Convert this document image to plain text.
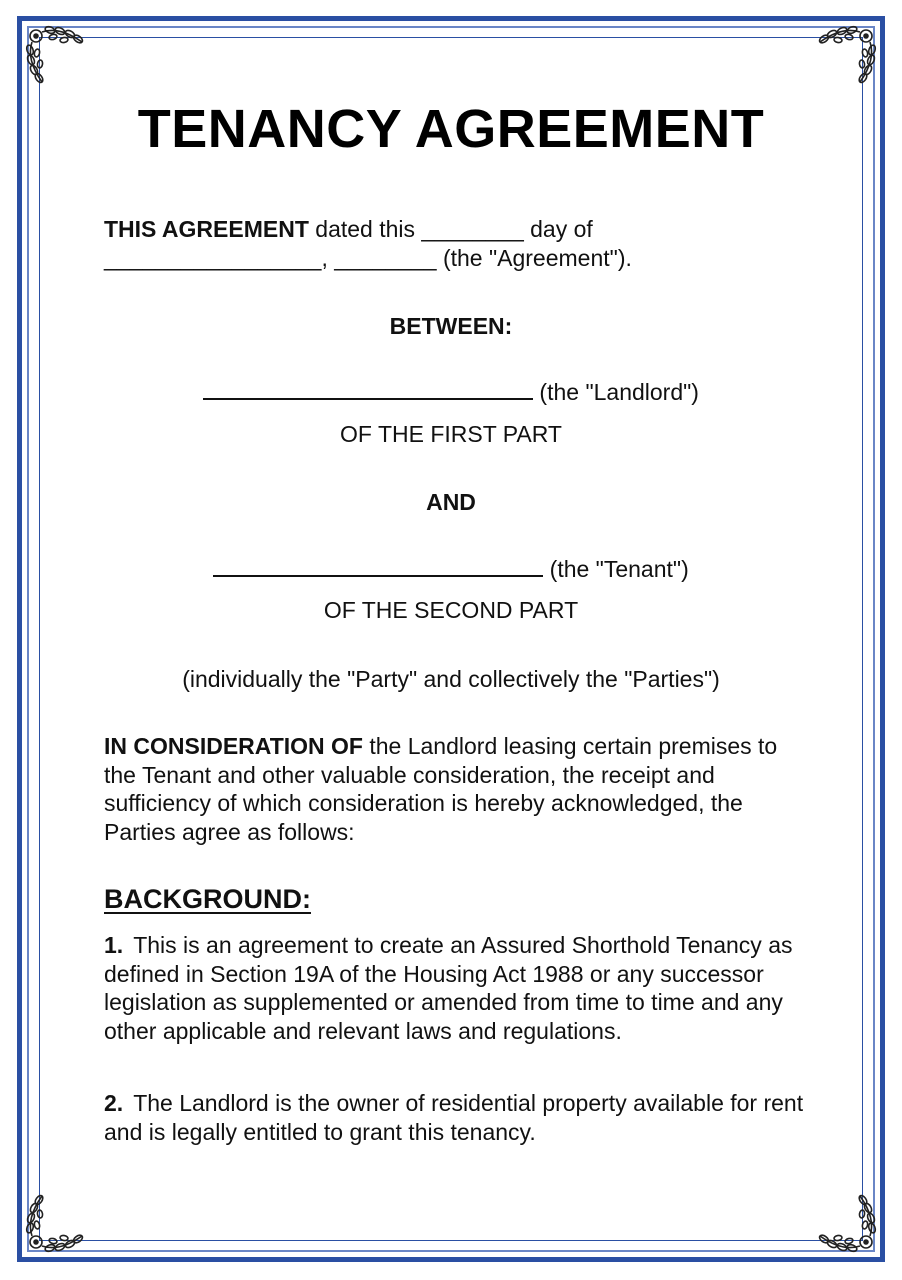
TENANCY AGREEMENT
THIS AGREEMENT dated this ________ day of
_________________, ________ (the "Agreement").
BETWEEN:
(the "Landlord")
OF THE FIRST PART
AND
(the "Tenant")
OF THE SECOND PART
(individually the "Party" and collectively the "Parties")
IN CONSIDERATION OF the Landlord leasing certain premises to the Tenant and other valuable consideration, the receipt and sufficiency of which consideration is hereby acknowledged, the Parties agree as follows:
BACKGROUND:
1. This is an agreement to create an Assured Shorthold Tenancy as defined in Section 19A of the Housing Act 1988 or any successor legislation as supplemented or amended from time to time and any other applicable and relevant laws and regulations.
2. The Landlord is the owner of residential property available for rent and is legally entitled to grant this tenancy.
